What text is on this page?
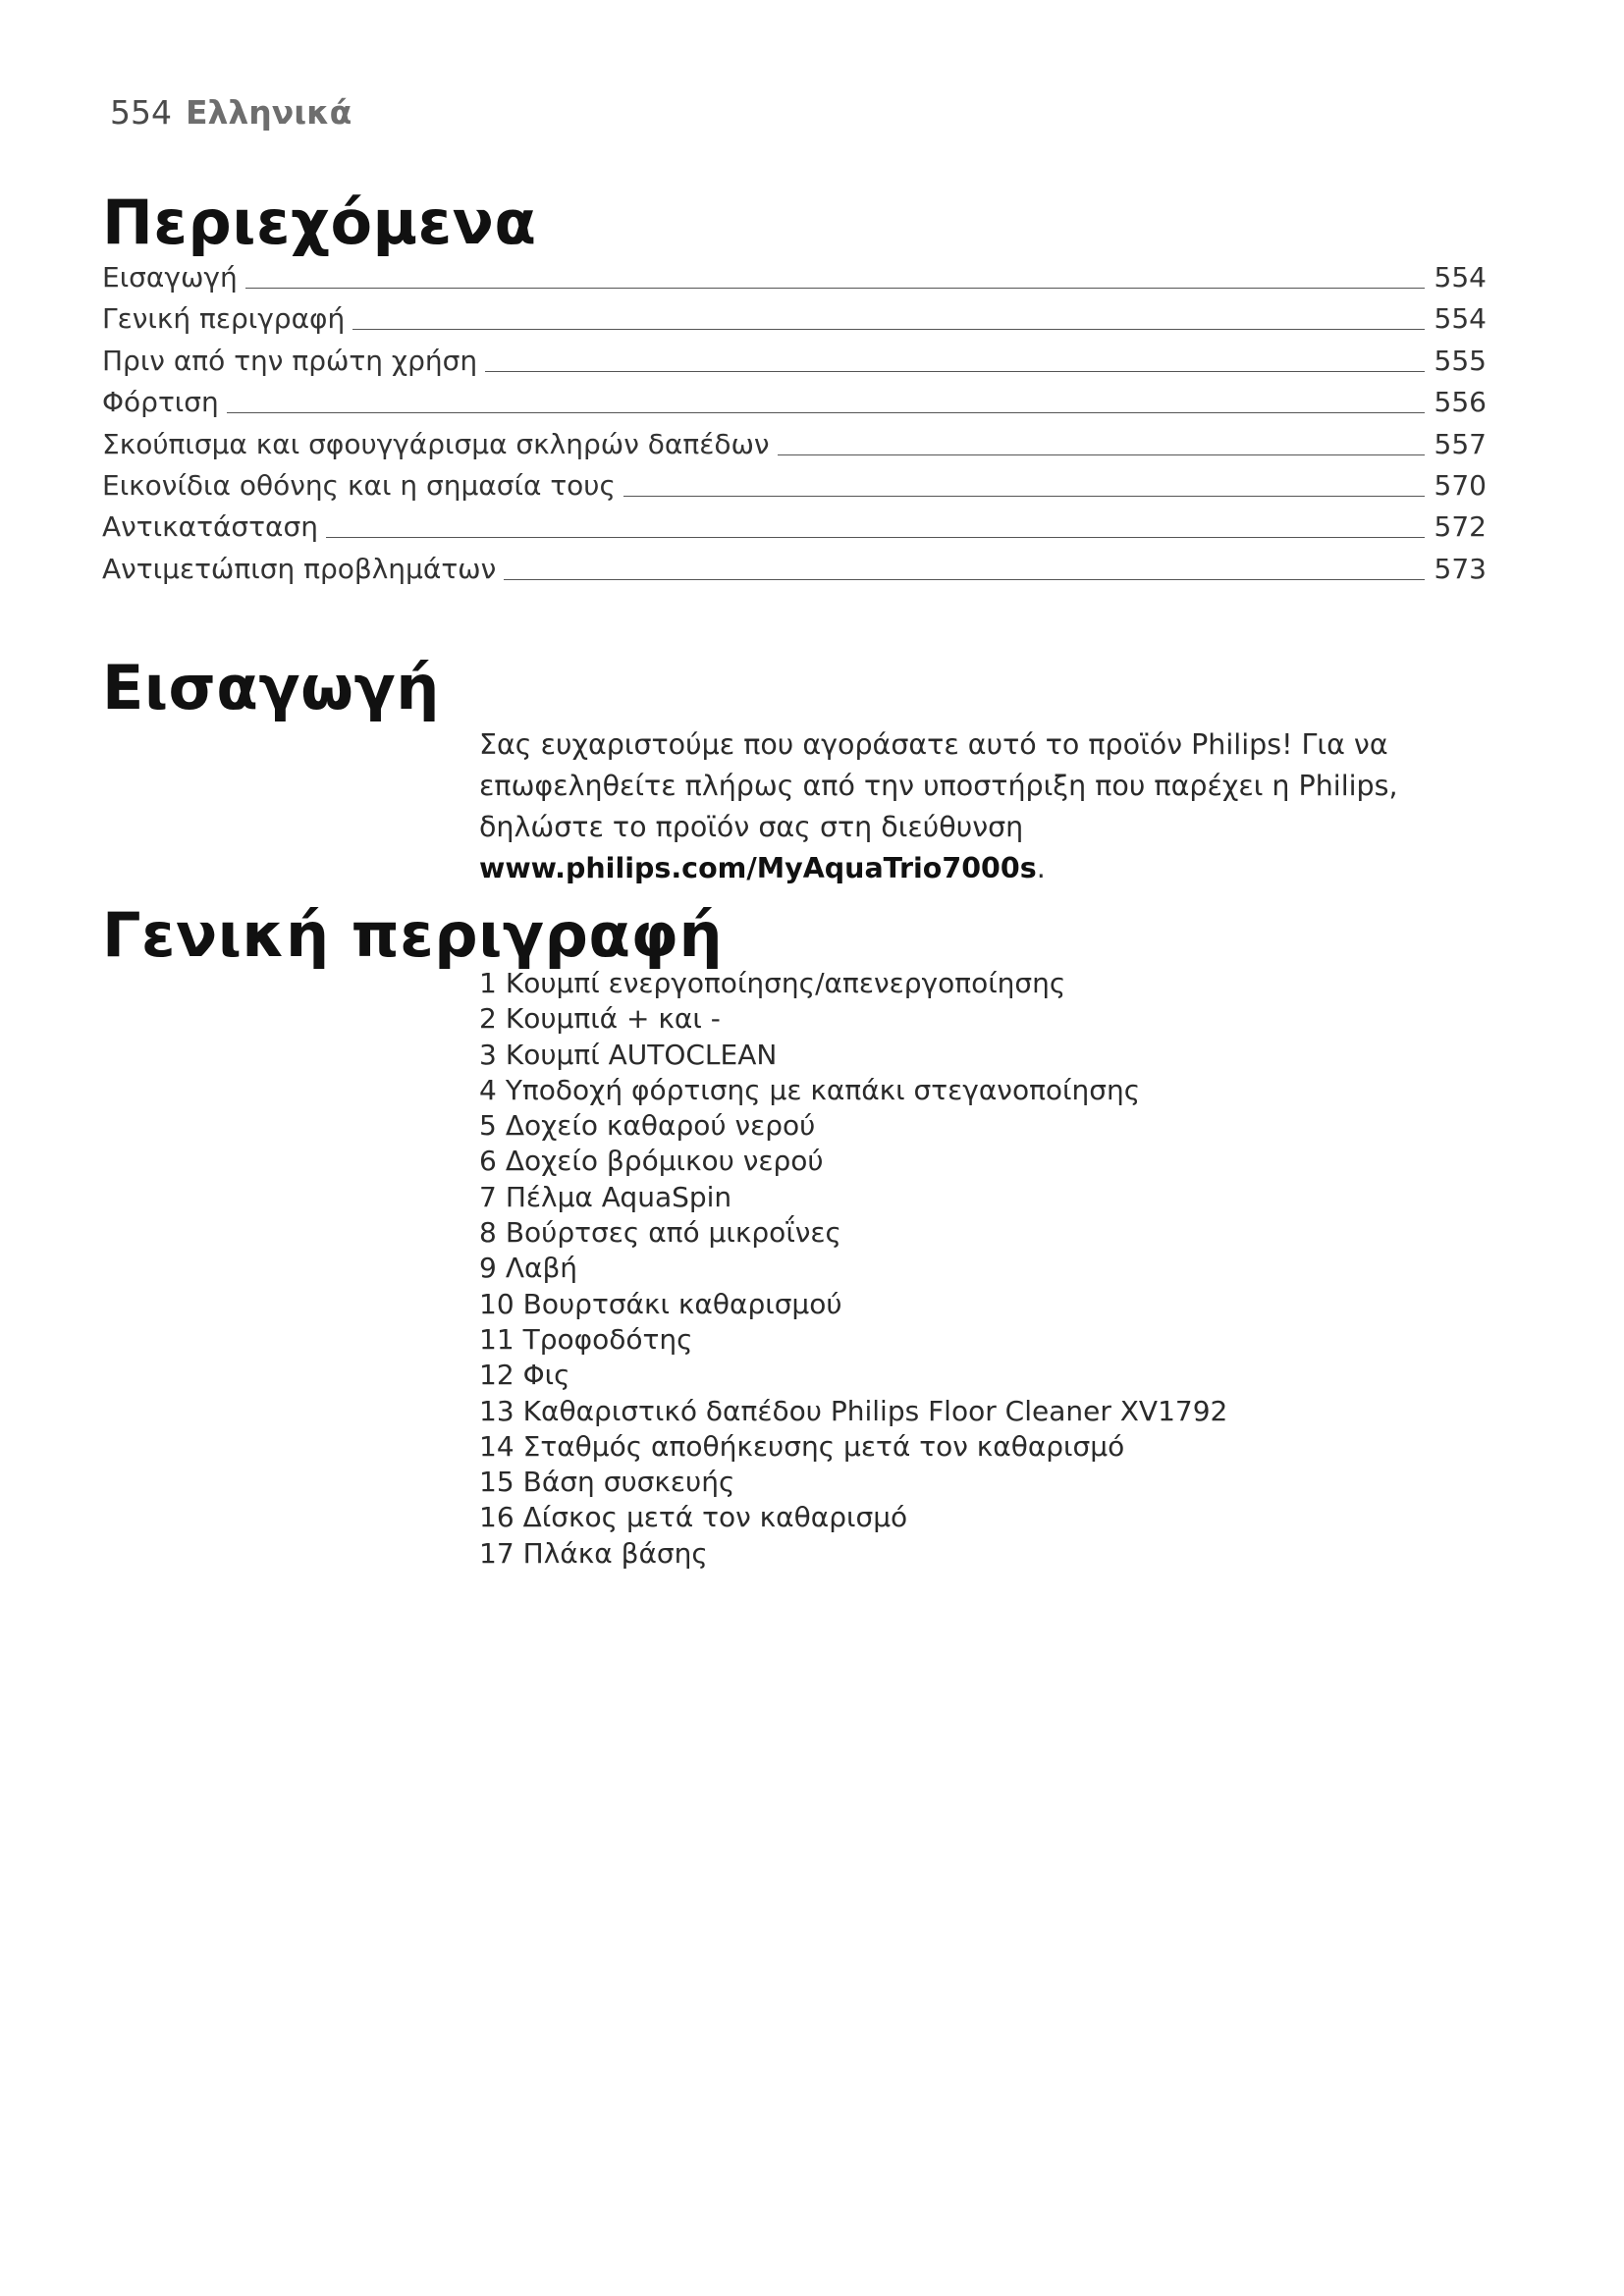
554 Ελληνικά
Περιεχόμενα
Εισαγωγή	554
Γενική περιγραφή	554
Πριν από την πρώτη χρήση	555
Φόρτιση	556
Σκούπισμα και σφουγγάρισμα σκληρών δαπέδων	557
Εικονίδια οθόνης και η σημασία τους	570
Αντικατάσταση	572
Αντιμετώπιση προβλημάτων	573
Εισαγωγή

Σας ευχαριστούμε που αγοράσατε αυτό το προϊόν Philips! Για να επωφεληθείτε πλήρως από την υποστήριξη που παρέχει η Philips, δηλώστε το προϊόν σας στη διεύθυνση www.philips.com/MyAquaTrio7000s.

Γενική περιγραφή
1 Κουμπί ενεργοποίησης/απενεργοποίησης
2 Κουμπιά + και -
3 Κουμπί AUTOCLEAN
4 Υποδοχή φόρτισης με καπάκι στεγανοποίησης
5 Δοχείο καθαρού νερού
6 Δοχείο βρόμικου νερού
7 Πέλμα AquaSpin
8 Βούρτσες από μικροΐνες
9 Λαβή
10 Βουρτσάκι καθαρισμού
11 Τροφοδότης
12 Φις
13 Καθαριστικό δαπέδου Philips Floor Cleaner XV1792
14 Σταθμός αποθήκευσης μετά τον καθαρισμό
15 Βάση συσκευής
16 Δίσκος μετά τον καθαρισμό
17 Πλάκα βάσης
